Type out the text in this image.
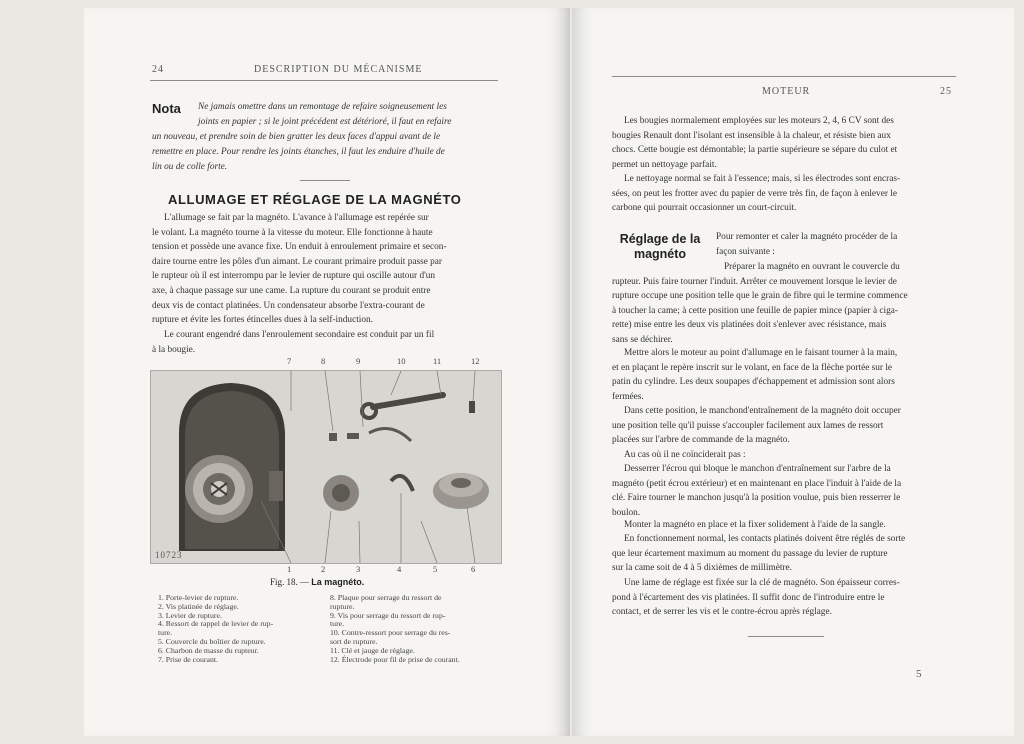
24	DESCRIPTION DU MÉCANISME
Nota Ne jamais omettre dans un remontage de refaire soigneusement les
joints en papier ; si le joint précédent est détérioré, il faut en refaire
un nouveau, et prendre soin de bien gratter les deux faces d'appui avant de le
remettre en place. Pour rendre les joints étanches, il faut les enduire d'huile de
lin ou de colle forte.
ALLUMAGE ET RÉGLAGE DE LA MAGNÉTO
L'allumage se fait par la magnéto. L'avance à l'allumage est repérée sur
le volant. La magnéto tourne à la vitesse du moteur. Elle fonctionne à haute
tension et possède une avance fixe. Un enduit à enroulement primaire et secon-
daire tourne entre les pôles d'un aimant. Le courant primaire produit passe par
le rupteur où il est interrompu par le levier de rupture qui oscille autour d'un
axe, à chaque passage sur une came. La rupture du courant se produit entre
deux vis de contact platinées. Un condensateur absorbe l'extra-courant de
rupture et évite les fortes étincelles dues à la self-induction.
Le courant engendré dans l'enroulement secondaire est conduit par un fil
à la bougie.
7	8	9	10	11	12
10723
1	2	3	4	5	6
Fig. 18. — La magnéto.
1. Porte-levier de rupture.
2. Vis platinée de réglage.
3. Levier de rupture.
4. Ressort de rappel de levier de rup-
ture.
5. Couvercle du boîtier de rupture.
6. Charbon de masse du rupteur.
7. Prise de courant.
8. Plaque pour serrage du ressort de
rupture.
9. Vis pour serrage du ressort de rup-
ture.
10. Contre-ressort pour serrage du res-
sort de rupture.
11. Clé et jauge de réglage.
12. Électrode pour fil de prise de courant.
MOTEUR	25
Les bougies normalement employées sur les moteurs 2, 4, 6 CV sont des
bougies Renault dont l'isolant est insensible à la chaleur, et résiste bien aux
chocs. Cette bougie est démontable; la partie supérieure se sépare du culot et
permet un nettoyage parfait.
Le nettoyage normal se fait à l'essence; mais, si les électrodes sont encras-
sées, on peut les frotter avec du papier de verre très fin, de façon à enlever le
carbone qui pourrait occasionner un court-circuit.
Réglage de la
magnéto
Pour remonter et caler la magnéto procéder de la
façon suivante :
Préparer la magnéto en ouvrant le couvercle du
rupteur. Puis faire tourner l'induit. Arrêter ce mouvement lorsque le levier de
rupture occupe une position telle que le grain de fibre qui le termine commence
à toucher la came; à cette position une feuille de papier mince (papier à ciga-
rette) mise entre les deux vis platinées doit s'enlever avec résistance, mais
sans se déchirer.
Mettre alors le moteur au point d'allumage en le faisant tourner à la main,
et en plaçant le repère inscrit sur le volant, en face de la flèche portée sur le
patin du cylindre. Les deux soupapes d'échappement et admission sont alors
fermées.
Dans cette position, le manchond'entraînement de la magnéto doit occuper
une position telle qu'il puisse s'accoupler facilement aux lames de ressort
placées sur l'arbre de commande de la magnéto.
Au cas où il ne coïnciderait pas :
Desserrer l'écrou qui bloque le manchon d'entraînement sur l'arbre de la
magnéto (petit écrou extérieur) et en maintenant en place l'induit à l'aide de la
clé. Faire tourner le manchon jusqu'à la position voulue, puis bien resserrer le
boulon.
Monter la magnéto en place et la fixer solidement à l'aide de la sangle.
En fonctionnement normal, les contacts platinés doivent être réglés de sorte
que leur écartement maximum au moment du passage du levier de rupture
sur la came soit de 4 à 5 dixièmes de millimètre.
Une lame de réglage est fixée sur la clé de magnéto. Son épaisseur corres-
pond à l'écartement des vis platinées. Il suffit donc de l'introduire entre le
contact, et de serrer les vis et le contre-écrou après réglage.
5
